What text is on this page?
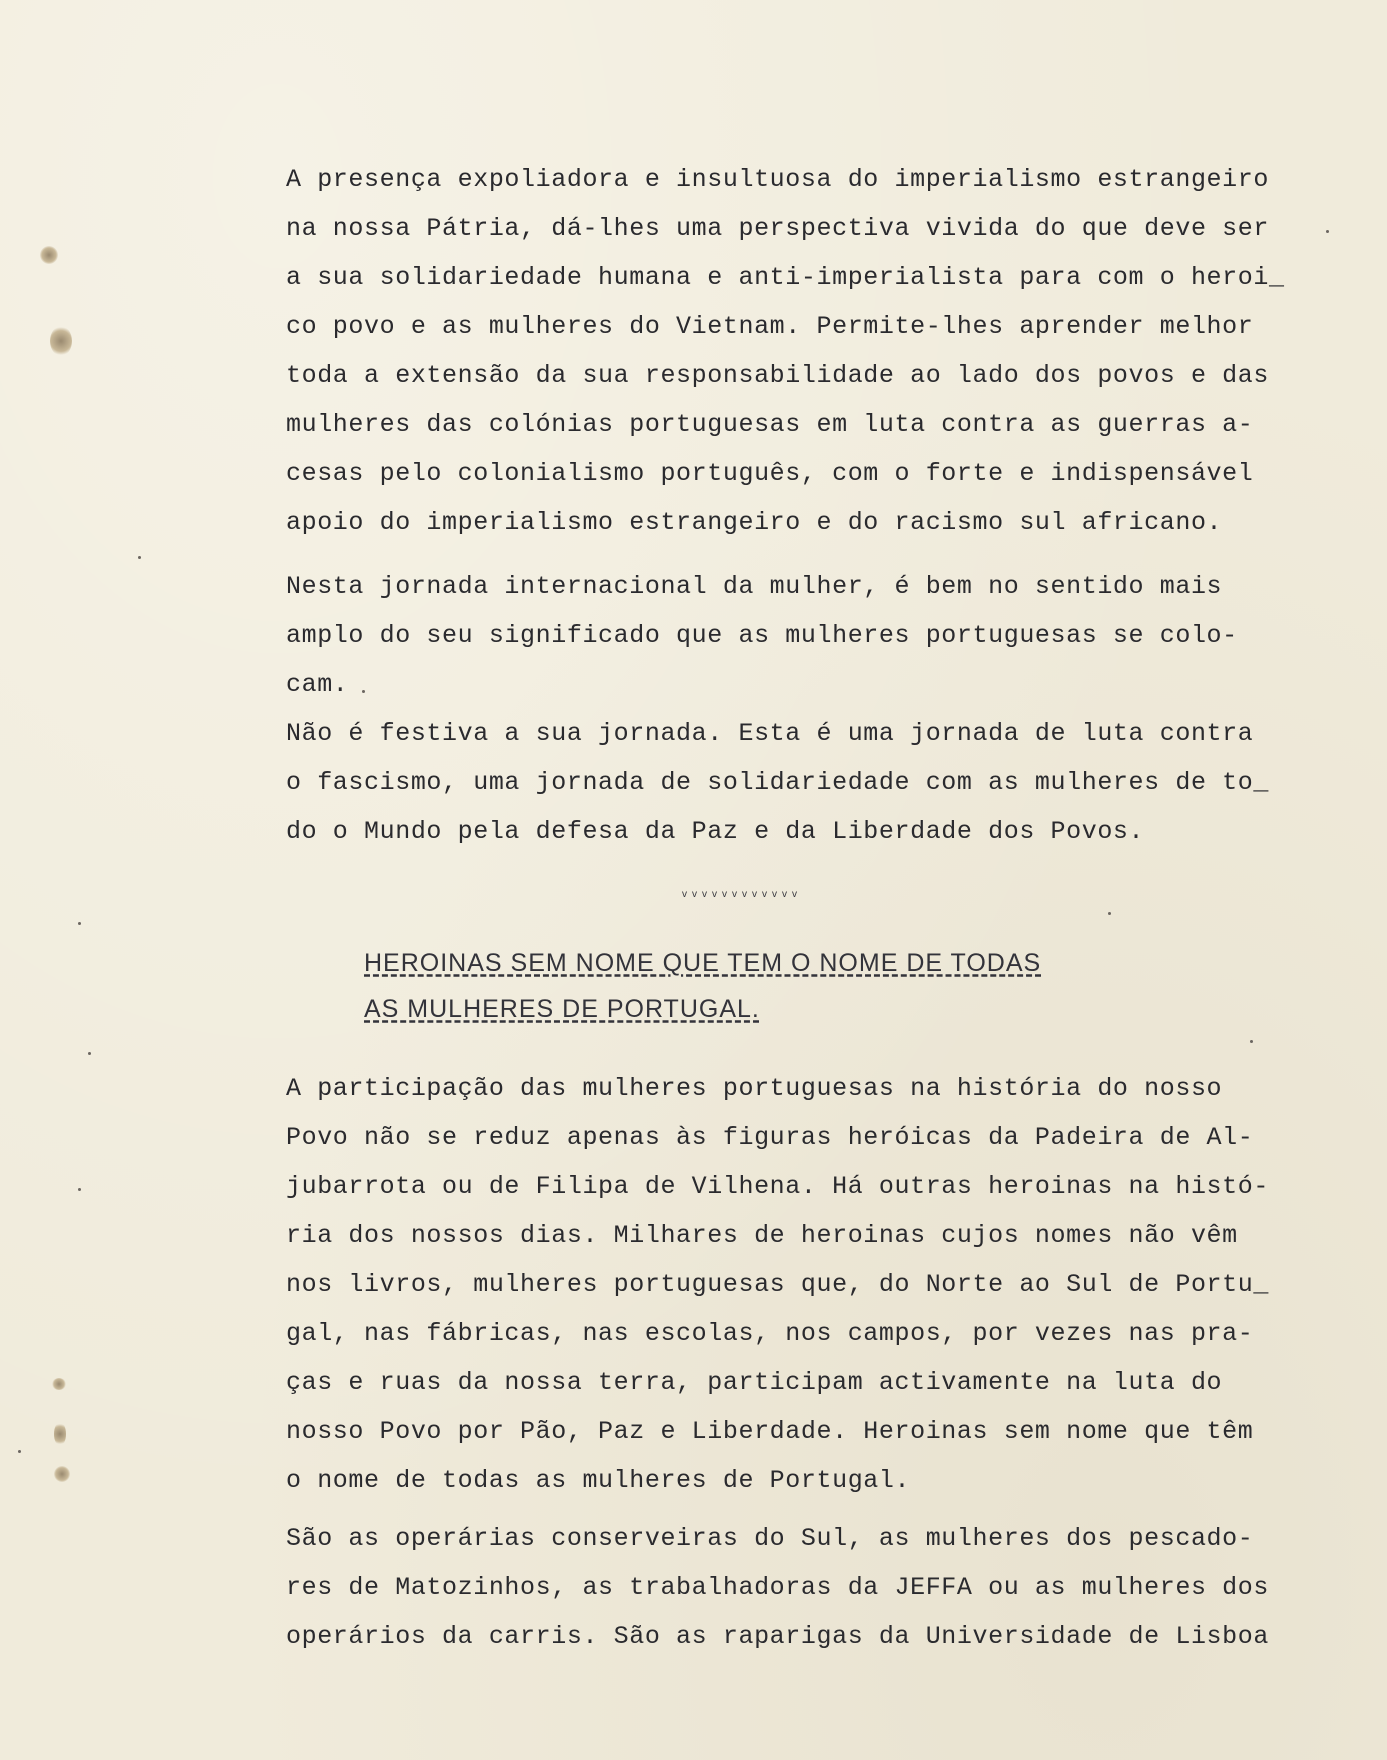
A presença expoliadora e insultuosa do imperialismo estrangeiro
na nossa Pátria, dá-lhes uma perspectiva vivida do que deve ser
a sua solidariedade humana e anti-imperialista para com o heroi_
co povo e as mulheres do Vietnam. Permite-lhes aprender melhor
toda a extensão da sua responsabilidade ao lado dos povos e das
mulheres das colónias portuguesas em luta contra as guerras a-
cesas pelo colonialismo português, com o forte e indispensável
apoio do imperialismo estrangeiro e do racismo sul africano.
Nesta jornada internacional da mulher, é bem no sentido mais
amplo do seu significado que as mulheres portuguesas se colo-
cam.
Não é festiva a sua jornada. Esta é uma jornada de luta contra
o fascismo, uma jornada de solidariedade com as mulheres de to_
do o Mundo pela defesa da Paz e da Liberdade dos Povos.
ᵥᵥᵥᵥᵥᵥᵥᵥᵥᵥᵥᵥ
HEROINAS SEM NOME QUE TEM O NOME DE TODAS
AS MULHERES DE PORTUGAL.
A participação das mulheres portuguesas na história do nosso
Povo não se reduz apenas às figuras heróicas da Padeira de Al-
jubarrota ou de Filipa de Vilhena. Há outras heroinas na histó-
ria dos nossos dias. Milhares de heroinas cujos nomes não vêm
nos livros, mulheres portuguesas que, do Norte ao Sul de Portu_
gal, nas fábricas, nas escolas, nos campos, por vezes nas pra-
ças e ruas da nossa terra, participam activamente na luta do
nosso Povo por Pão, Paz e Liberdade. Heroinas sem nome que têm
o nome de todas as mulheres de Portugal.
São as operárias conserveiras do Sul, as mulheres dos pescado-
res de Matozinhos, as trabalhadoras da JEFFA ou as mulheres dos
operários da carris. São as raparigas da Universidade de Lisboa
